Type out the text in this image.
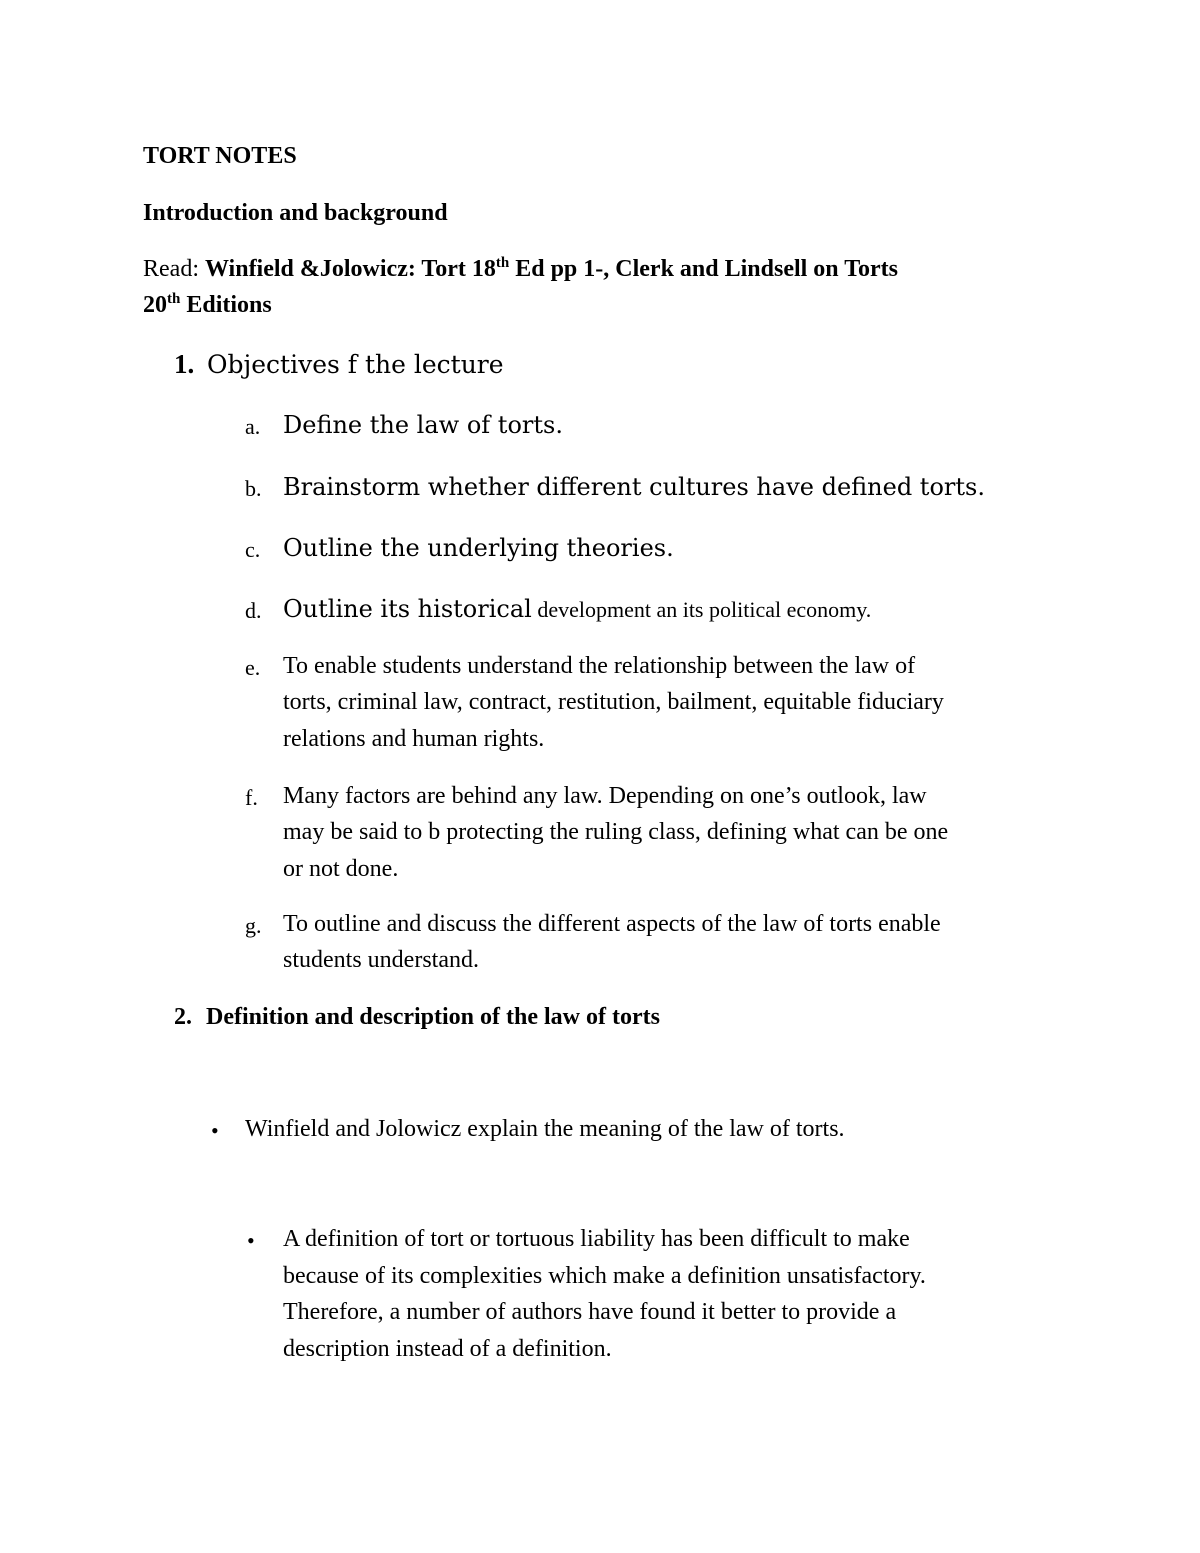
TORT NOTES
Introduction and background
Read: Winfield &Jolowicz: Tort 18th Ed pp 1-, Clerk and Lindsell on Torts
20th Editions
1. Objectives f the lecture
a. Define the law of torts.
b. Brainstorm whether different cultures have defined torts.
c. Outline the underlying theories.
d. Outline its historical development an its political economy.
e. To enable students understand the relationship between the law of
torts, criminal law, contract, restitution, bailment, equitable fiduciary
relations and human rights.
f. Many factors are behind any law. Depending on one’s outlook, law
may be said to b protecting the ruling class, defining what can be one
or not done.
g. To outline and discuss the different aspects of the law of torts enable
students understand.
2. Definition and description of the law of torts
• Winfield and Jolowicz explain the meaning of the law of torts.
• A definition of tort or tortuous liability has been difficult to make
because of its complexities which make a definition unsatisfactory.
Therefore, a number of authors have found it better to provide a
description instead of a definition.
